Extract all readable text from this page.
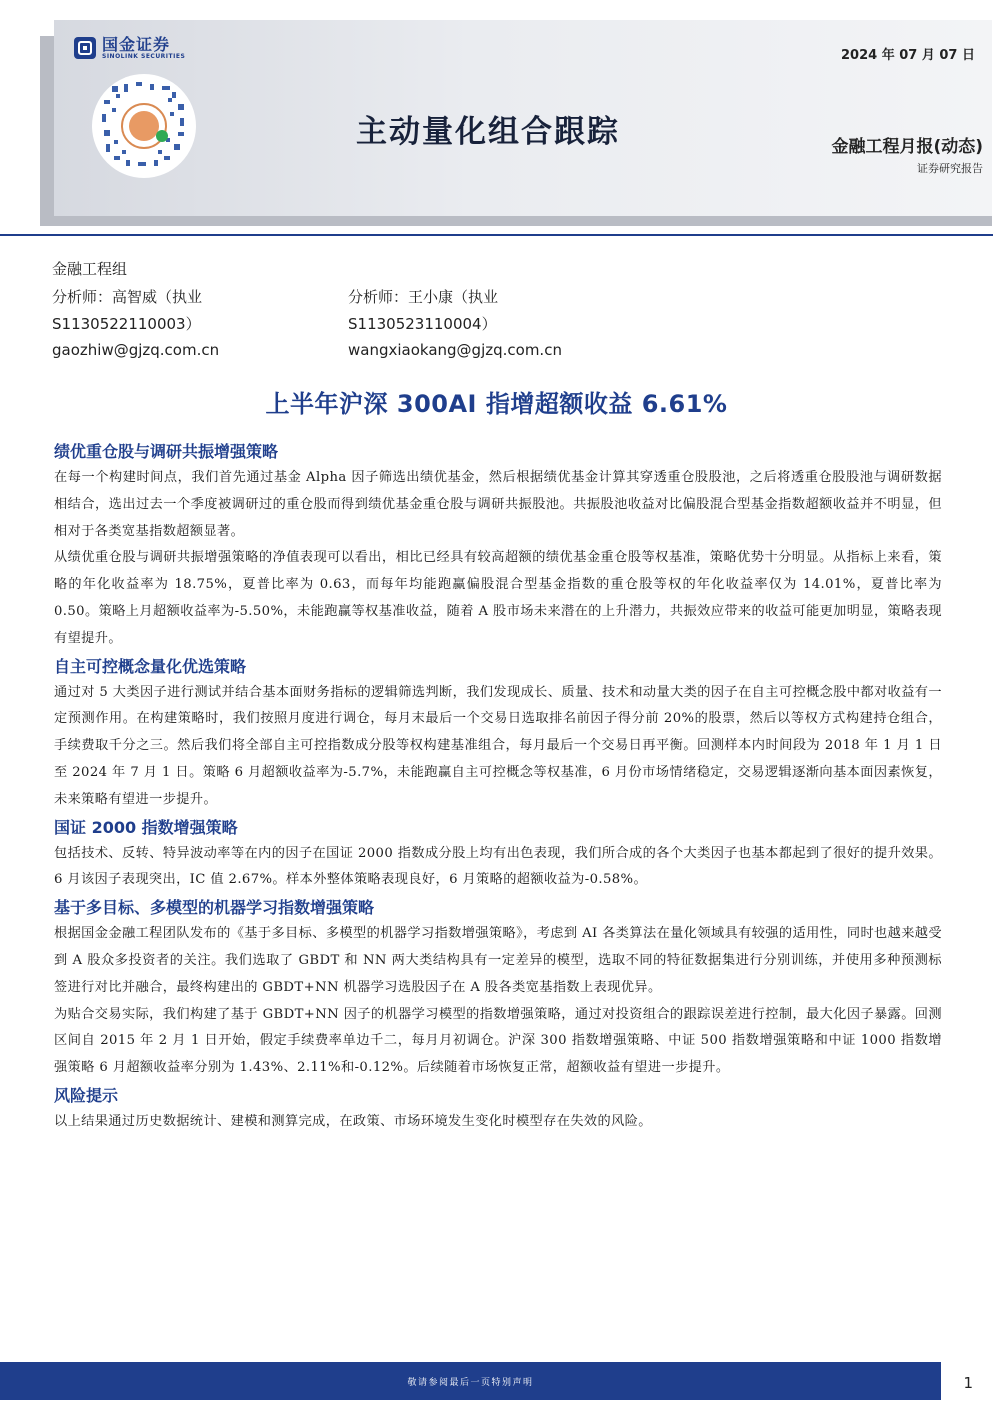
国金证券
SINOLINK SECURITIES	2024 年 07 月 07 日
主动量化组合跟踪	金融工程月报(动态)
证券研究报告
金融工程组
分析师：高智威（执业
S1130522110003）
gaozhiw@gjzq.com.cn
分析师：王小康（执业
S1130523110004）
wangxiaokang@gjzq.com.cn
上半年沪深 300AI 指增超额收益 6.61%
绩优重仓股与调研共振增强策略

在每一个构建时间点，我们首先通过基金 Alpha 因子筛选出绩优基金，然后根据绩优基金计算其穿透重仓股股池，之后将透重仓股股池与调研数据相结合，选出过去一个季度被调研过的重仓股而得到绩优基金重仓股与调研共振股池。共振股池收益对比偏股混合型基金指数超额收益并不明显，但相对于各类宽基指数超额显著。

从绩优重仓股与调研共振增强策略的净值表现可以看出，相比已经具有较高超额的绩优基金重仓股等权基准，策略优势十分明显。从指标上来看，策略的年化收益率为 18.75%，夏普比率为 0.63，而每年均能跑赢偏股混合型基金指数的重仓股等权的年化收益率仅为 14.01%，夏普比率为 0.50。策略上月超额收益率为-5.50%，未能跑赢等权基准收益，随着 A 股市场未来潜在的上升潜力，共振效应带来的收益可能更加明显，策略表现有望提升。

自主可控概念量化优选策略

通过对 5 大类因子进行测试并结合基本面财务指标的逻辑筛选判断，我们发现成长、质量、技术和动量大类的因子在自主可控概念股中都对收益有一定预测作用。在构建策略时，我们按照月度进行调仓，每月末最后一个交易日选取排名前因子得分前 20%的股票，然后以等权方式构建持仓组合，手续费取千分之三。然后我们将全部自主可控指数成分股等权构建基准组合，每月最后一个交易日再平衡。回测样本内时间段为 2018 年 1 月 1 日至 2024 年 7 月 1 日。策略 6 月超额收益率为-5.7%，未能跑赢自主可控概念等权基准，6 月份市场情绪稳定，交易逻辑逐渐向基本面因素恢复，未来策略有望进一步提升。

国证 2000 指数增强策略

包括技术、反转、特异波动率等在内的因子在国证 2000 指数成分股上均有出色表现，我们所合成的各个大类因子也基本都起到了很好的提升效果。6 月该因子表现突出，IC 值 2.67%。样本外整体策略表现良好，6 月策略的超额收益为-0.58%。

基于多目标、多模型的机器学习指数增强策略

根据国金金融工程团队发布的《基于多目标、多模型的机器学习指数增强策略》，考虑到 AI 各类算法在量化领域具有较强的适用性，同时也越来越受到 A 股众多投资者的关注。我们选取了 GBDT 和 NN 两大类结构具有一定差异的模型，选取不同的特征数据集进行分别训练，并使用多种预测标签进行对比并融合，最终构建出的 GBDT+NN 机器学习选股因子在 A 股各类宽基指数上表现优异。

为贴合交易实际，我们构建了基于 GBDT+NN 因子的机器学习模型的指数增强策略，通过对投资组合的跟踪误差进行控制，最大化因子暴露。回测区间自 2015 年 2 月 1 日开始，假定手续费率单边千二，每月月初调仓。沪深 300 指数增强策略、中证 500 指数增强策略和中证 1000 指数增强策略 6 月超额收益率分别为 1.43%、2.11%和-0.12%。后续随着市场恢复正常，超额收益有望进一步提升。

风险提示

以上结果通过历史数据统计、建模和测算完成，在政策、市场环境发生变化时模型存在失效的风险。

敬请参阅最后一页特别声明	1
